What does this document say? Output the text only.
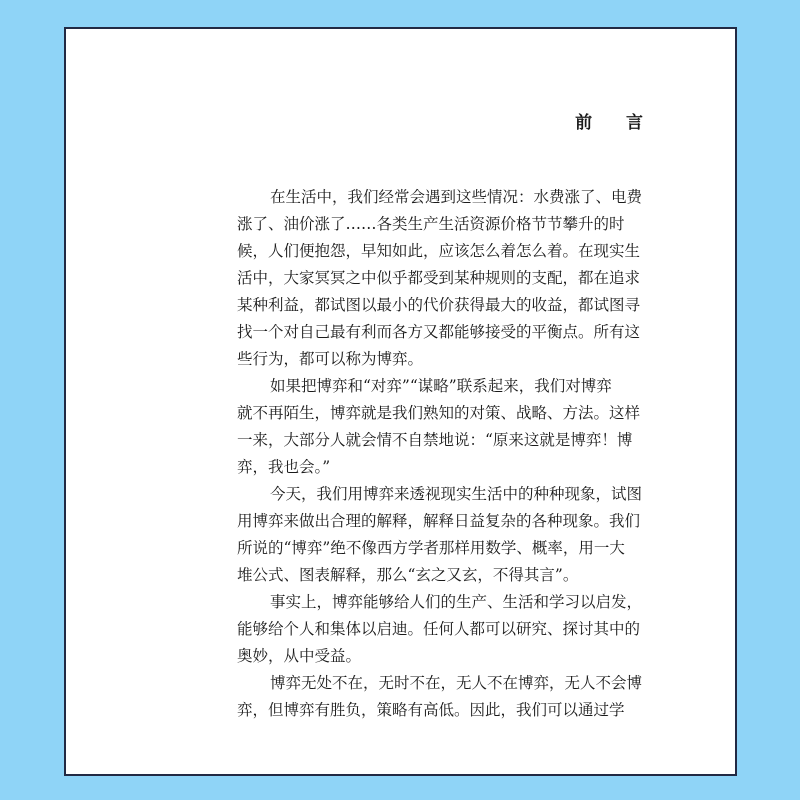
前 言
在生活中，我们经常会遇到这些情况：水费涨了、电费
涨了、油价涨了……各类生产生活资源价格节节攀升的时
候，人们便抱怨，早知如此，应该怎么着怎么着。在现实生
活中，大家冥冥之中似乎都受到某种规则的支配，都在追求
某种利益，都试图以最小的代价获得最大的收益，都试图寻
找一个对自己最有利而各方又都能够接受的平衡点。所有这
些行为，都可以称为博弈。
如果把博弈和“对弈”“谋略”联系起来，我们对博弈
就不再陌生，博弈就是我们熟知的对策、战略、方法。这样
一来，大部分人就会情不自禁地说：“原来这就是博弈！博
弈，我也会。”
今天，我们用博弈来透视现实生活中的种种现象，试图
用博弈来做出合理的解释，解释日益复杂的各种现象。我们
所说的“博弈”绝不像西方学者那样用数学、概率，用一大
堆公式、图表解释，那么“玄之又玄，不得其言”。
事实上，博弈能够给人们的生产、生活和学习以启发，
能够给个人和集体以启迪。任何人都可以研究、探讨其中的
奥妙，从中受益。
博弈无处不在，无时不在，无人不在博弈，无人不会博
弈，但博弈有胜负，策略有高低。因此，我们可以通过学
